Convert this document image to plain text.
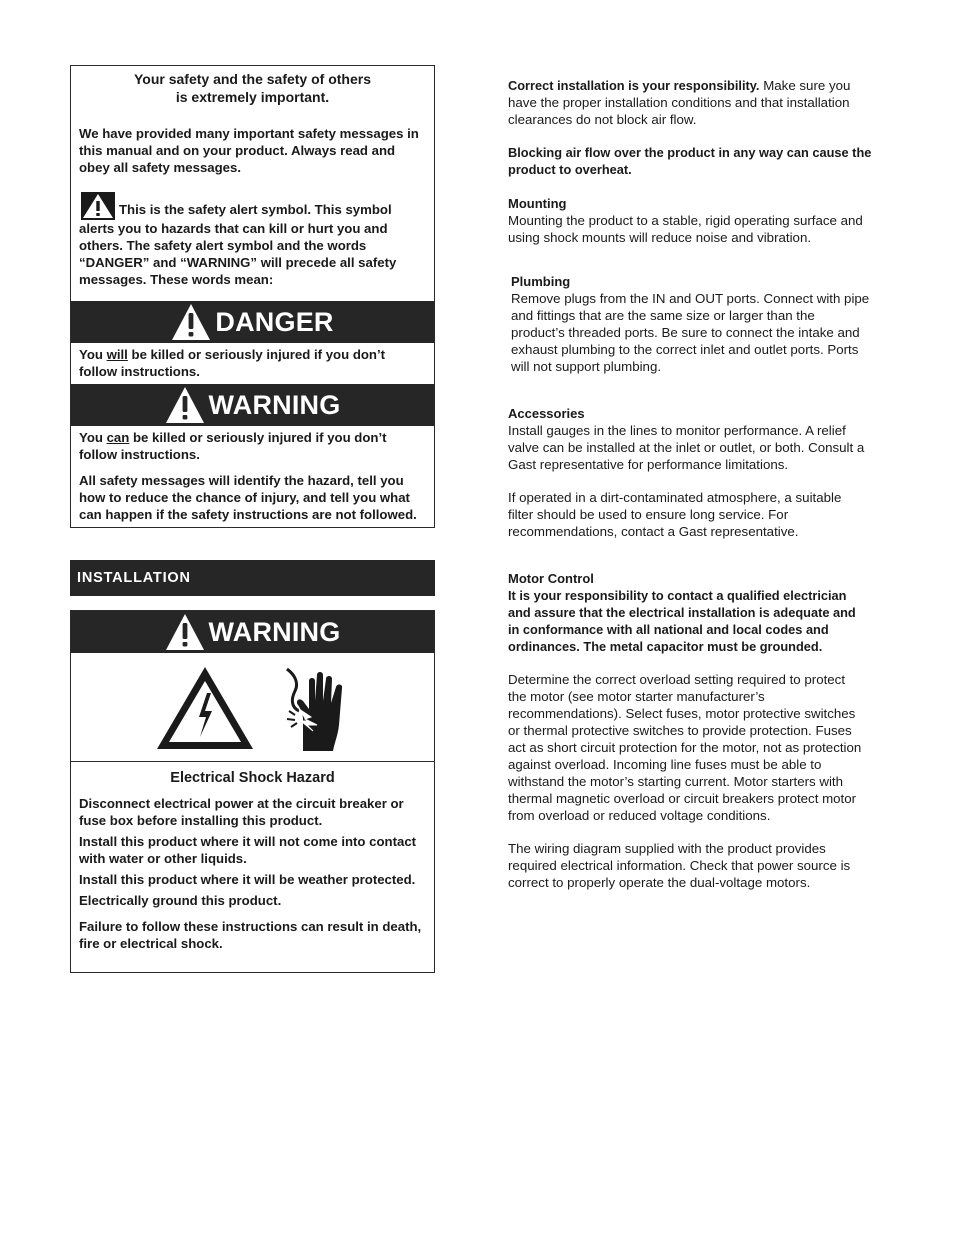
Your safety and the safety of others
is extremely important.

We have provided many important safety messages in this manual and on your product. Always read and obey all safety messages.

This is the safety alert symbol. This symbol alerts you to hazards that can kill or hurt you and others. The safety alert symbol and the words “DANGER” and “WARNING” will precede all safety messages. These words mean:

DANGER

You will be killed or seriously injured if you don’t follow instructions.

WARNING

You can be killed or seriously injured if you don’t follow instructions.

All safety messages will identify the hazard, tell you how to reduce the chance of injury, and tell you what can happen if the safety instructions are not followed.

INSTALLATION
WARNING
Electrical Shock Hazard

Disconnect electrical power at the circuit breaker or fuse box before installing this product.

Install this product where it will not come into contact with water or other liquids.

Install this product where it will be weather protected.

Electrically ground this product.

Failure to follow these instructions can result in death, fire or electrical shock.

Correct installation is your responsibility. Make sure you have the proper installation conditions and that installation clearances do not block air flow.

Blocking air flow over the product in any way can cause the product to overheat.

Mounting

Mounting the product to a stable, rigid operating surface and using shock mounts will reduce noise and vibration.

Plumbing

Remove plugs from the IN and OUT ports. Connect with pipe and fittings that are the same size or larger than the product’s threaded ports. Be sure to connect the intake and exhaust plumbing to the correct inlet and outlet ports. Ports will not support plumbing.

Accessories

Install gauges in the lines to monitor performance. A relief valve can be installed at the inlet or outlet, or both. Consult a Gast representative for performance limitations.

If operated in a dirt-contaminated atmosphere, a suitable filter should be used to ensure long service. For recommendations, contact a Gast representative.

Motor Control

It is your responsibility to contact a qualified electrician and assure that the electrical installation is adequate and in conformance with all national and local codes and ordinances. The metal capacitor must be grounded.

Determine the correct overload setting required to protect the motor (see motor starter manufacturer’s recommendations). Select fuses, motor protective switches or thermal protective switches to provide protection. Fuses act as short circuit protection for the motor, not as protection against overload. Incoming line fuses must be able to withstand the motor’s starting current. Motor starters with thermal magnetic overload or circuit breakers protect motor from overload or reduced voltage conditions.

The wiring diagram supplied with the product provides required electrical information. Check that power source is correct to properly operate the dual-voltage motors.
